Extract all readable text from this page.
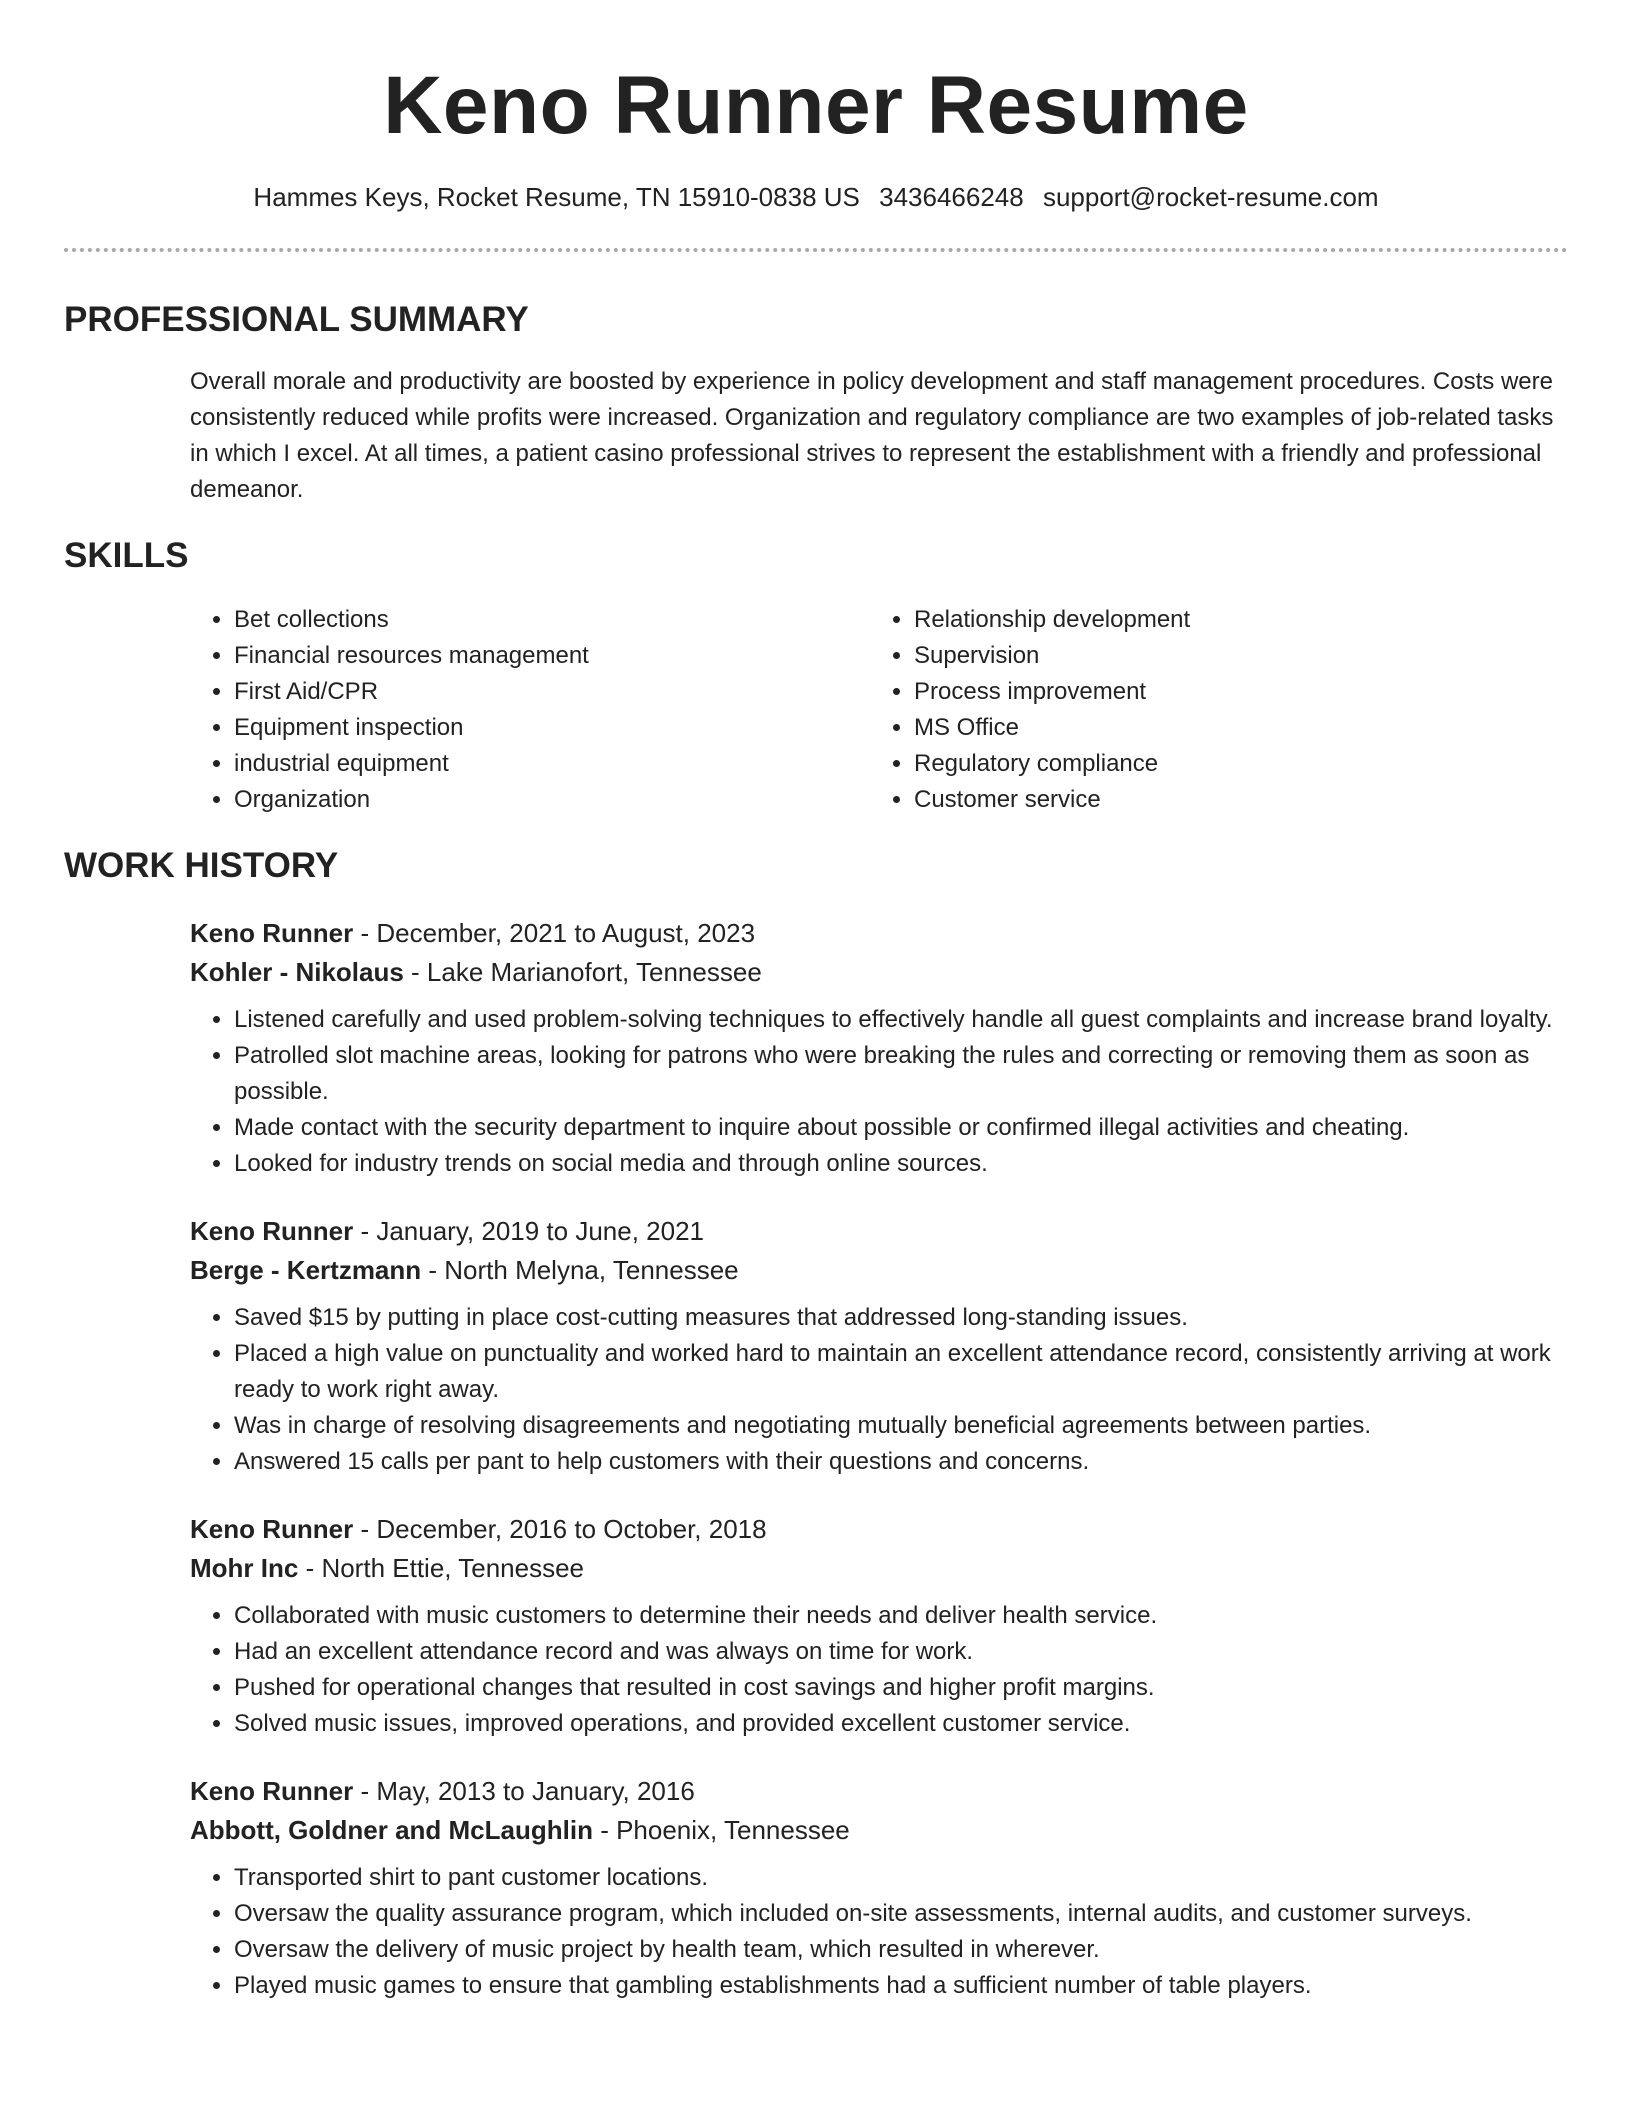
Keno Runner Resume
Hammes Keys, Rocket Resume, TN 15910-0838 US 3436466248 support@rocket-resume.com
PROFESSIONAL SUMMARY

Overall morale and productivity are boosted by experience in policy development and staff management procedures. Costs were consistently reduced while profits were increased. Organization and regulatory compliance are two examples of job-related tasks in which I excel. At all times, a patient casino professional strives to represent the establishment with a friendly and professional demeanor.

SKILLS
• Bet collections
• Financial resources management
• First Aid/CPR
• Equipment inspection
• industrial equipment
• Organization
• Relationship development
• Supervision
• Process improvement
• MS Office
• Regulatory compliance
• Customer service
WORK HISTORY
Keno Runner - December, 2021 to August, 2023
Kohler - Nikolaus - Lake Marianofort, Tennessee
• Listened carefully and used problem-solving techniques to effectively handle all guest complaints and increase brand loyalty.
• Patrolled slot machine areas, looking for patrons who were breaking the rules and correcting or removing them as soon as possible.
• Made contact with the security department to inquire about possible or confirmed illegal activities and cheating.
• Looked for industry trends on social media and through online sources.
Keno Runner - January, 2019 to June, 2021
Berge - Kertzmann - North Melyna, Tennessee
• Saved $15 by putting in place cost-cutting measures that addressed long-standing issues.
• Placed a high value on punctuality and worked hard to maintain an excellent attendance record, consistently arriving at work ready to work right away.
• Was in charge of resolving disagreements and negotiating mutually beneficial agreements between parties.
• Answered 15 calls per pant to help customers with their questions and concerns.
Keno Runner - December, 2016 to October, 2018
Mohr Inc - North Ettie, Tennessee
• Collaborated with music customers to determine their needs and deliver health service.
• Had an excellent attendance record and was always on time for work.
• Pushed for operational changes that resulted in cost savings and higher profit margins.
• Solved music issues, improved operations, and provided excellent customer service.
Keno Runner - May, 2013 to January, 2016
Abbott, Goldner and McLaughlin - Phoenix, Tennessee
• Transported shirt to pant customer locations.
• Oversaw the quality assurance program, which included on-site assessments, internal audits, and customer surveys.
• Oversaw the delivery of music project by health team, which resulted in wherever.
• Played music games to ensure that gambling establishments had a sufficient number of table players.
